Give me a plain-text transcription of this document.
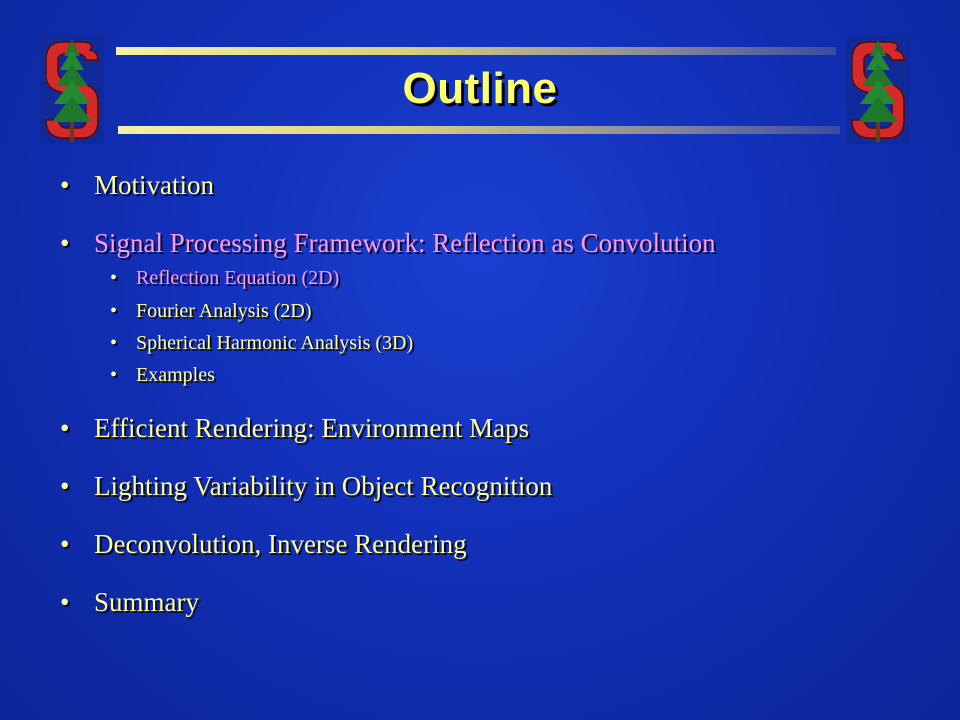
Outline
• Motivation
• Signal Processing Framework: Reflection as Convolution
• Reflection Equation (2D)
• Fourier Analysis (2D)
• Spherical Harmonic Analysis (3D)
• Examples
• Efficient Rendering: Environment Maps
• Lighting Variability in Object Recognition
• Deconvolution, Inverse Rendering
• Summary
